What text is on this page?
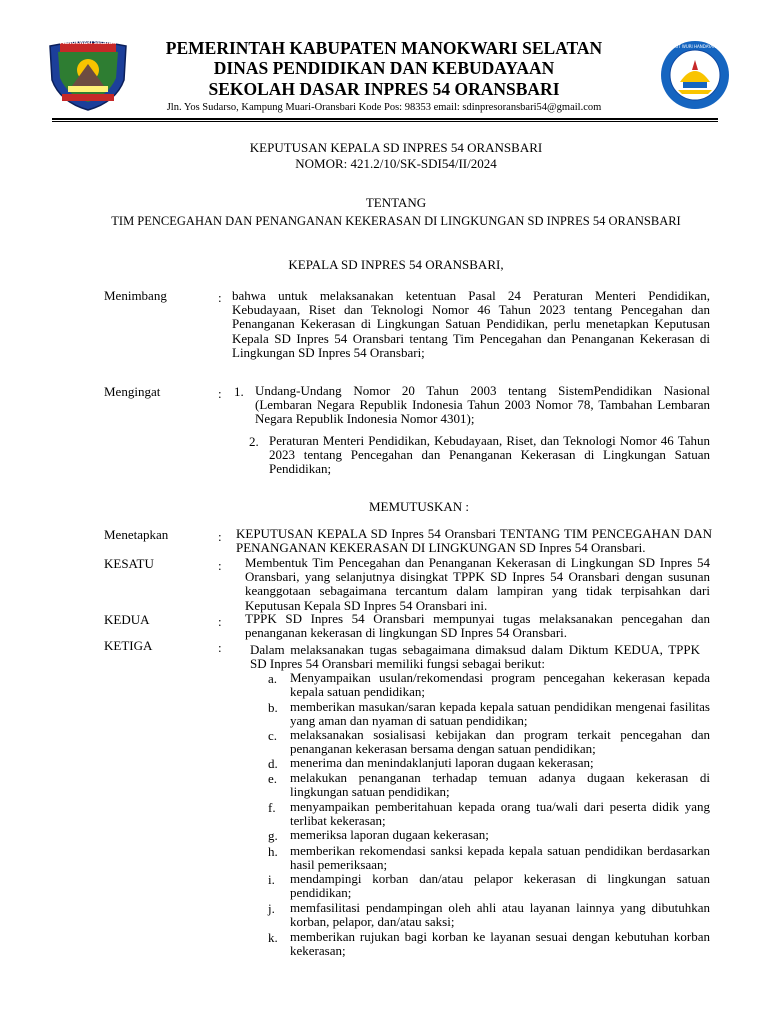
MANOKWARI SELATAN
TUT WURI HANDAYANI
PEMERINTAH KABUPATEN MANOKWARI SELATAN
DINAS PENDIDIKAN DAN KEBUDAYAAN
SEKOLAH DASAR INPRES 54 ORANSBARI
Jln. Yos Sudarso, Kampung Muari-Oransbari Kode Pos: 98353 email: sdinpresoransbari54@gmail.com
KEPUTUSAN KEPALA SD INPRES 54 ORANSBARI
NOMOR: 421.2/10/SK-SDI54/II/2024
TENTANG
TIM PENCEGAHAN DAN PENANGANAN KEKERASAN DI LINGKUNGAN SD INPRES 54 ORANSBARI
KEPALA SD INPRES 54 ORANSBARI,
Menimbang	: bahwa untuk melaksanakan ketentuan Pasal 24 Peraturan Menteri Pendidikan, Kebudayaan, Riset dan Teknologi Nomor 46 Tahun 2023 tentang Pencegahan dan Penanganan Kekerasan di Lingkungan Satuan Pendidikan, perlu menetapkan Keputusan Kepala SD Inpres 54 Oransbari tentang Tim Pencegahan dan Penanganan Kekerasan di Lingkungan SD Inpres 54 Oransbari;
Mengingat	: 1. Undang-Undang Nomor 20 Tahun 2003 tentang SistemPendidikan Nasional (Lembaran Negara Republik Indonesia Tahun 2003 Nomor 78, Tambahan Lembaran Negara Republik Indonesia Nomor 4301);
2. Peraturan Menteri Pendidikan, Kebudayaan, Riset, dan Teknologi Nomor 46 Tahun 2023 tentang Pencegahan dan Penanganan Kekerasan di Lingkungan Satuan Pendidikan;
MEMUTUSKAN :
Menetapkan	: KEPUTUSAN KEPALA SD Inpres 54 Oransbari TENTANG TIM PENCEGAHAN DAN PENANGANAN KEKERASAN DI LINGKUNGAN SD Inpres 54 Oransbari.
KESATU	: Membentuk Tim Pencegahan dan Penanganan Kekerasan di Lingkungan SD Inpres 54 Oransbari, yang selanjutnya disingkat TPPK SD Inpres 54 Oransbari dengan susunan keanggotaan sebagaimana tercantum dalam lampiran yang tidak terpisahkan dari Keputusan Kepala SD Inpres 54 Oransbari ini.
KEDUA	: TPPK SD Inpres 54 Oransbari mempunyai tugas melaksanakan pencegahan dan penanganan kekerasan di lingkungan SD Inpres 54 Oransbari.
KETIGA	: Dalam melaksanakan tugas sebagaimana dimaksud dalam Diktum KEDUA, TPPK SD Inpres 54 Oransbari memiliki fungsi sebagai berikut:
a. Menyampaikan usulan/rekomendasi program pencegahan kekerasan kepada kepala satuan pendidikan;
b. memberikan masukan/saran kepada kepala satuan pendidikan mengenai fasilitas yang aman dan nyaman di satuan pendidikan;
c. melaksanakan sosialisasi kebijakan dan program terkait pencegahan dan penanganan kekerasan bersama dengan satuan pendidikan;
d. menerima dan menindaklanjuti laporan dugaan kekerasan;
e. melakukan penanganan terhadap temuan adanya dugaan kekerasan di lingkungan satuan pendidikan;
f.	menyampaikan pemberitahuan kepada orang tua/wali dari peserta didik yang terlibat kekerasan;
g. memeriksa laporan dugaan kekerasan;
h. memberikan rekomendasi sanksi kepada kepala satuan pendidikan berdasarkan hasil pemeriksaan;
i.	mendampingi korban dan/atau pelapor kekerasan di lingkungan satuan pendidikan;
j.	memfasilitasi pendampingan oleh ahli atau layanan lainnya yang dibutuhkan korban, pelapor, dan/atau saksi;
k. memberikan rujukan bagi korban ke layanan sesuai dengan kebutuhan korban kekerasan;
